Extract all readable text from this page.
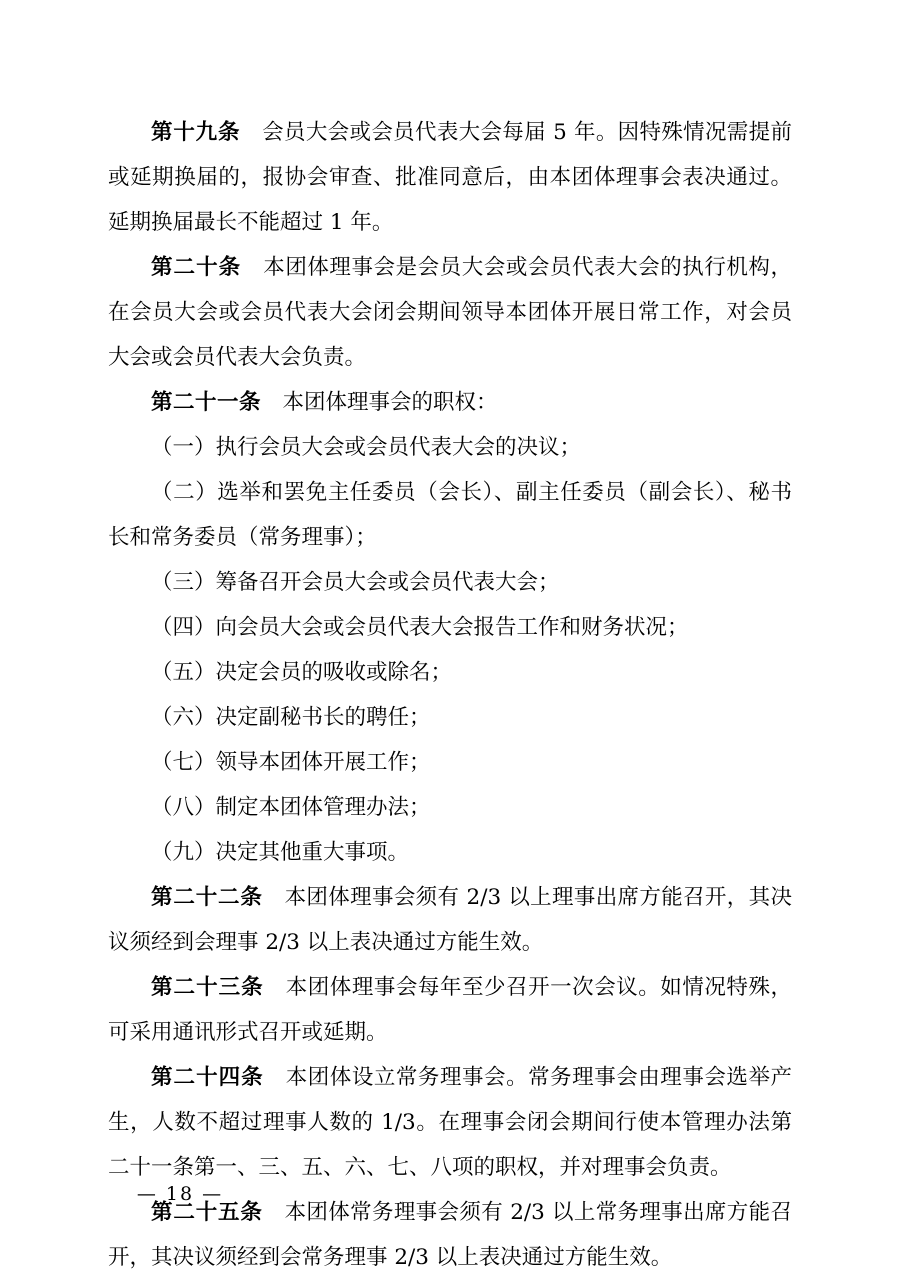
第十九条 会员大会或会员代表大会每届 5 年。因特殊情况需提前或延期换届的，报协会审查、批准同意后，由本团体理事会表决通过。延期换届最长不能超过 1 年。

第二十条 本团体理事会是会员大会或会员代表大会的执行机构，在会员大会或会员代表大会闭会期间领导本团体开展日常工作，对会员大会或会员代表大会负责。

第二十一条 本团体理事会的职权：

（一）执行会员大会或会员代表大会的决议；

（二）选举和罢免主任委员（会长）、副主任委员（副会长）、秘书长和常务委员（常务理事）；

（三）筹备召开会员大会或会员代表大会；

（四）向会员大会或会员代表大会报告工作和财务状况；

（五）决定会员的吸收或除名；

（六）决定副秘书长的聘任；

（七）领导本团体开展工作；

（八）制定本团体管理办法；

（九）决定其他重大事项。

第二十二条 本团体理事会须有 2/3 以上理事出席方能召开，其决议须经到会理事 2/3 以上表决通过方能生效。

第二十三条 本团体理事会每年至少召开一次会议。如情况特殊，可采用通讯形式召开或延期。

第二十四条 本团体设立常务理事会。常务理事会由理事会选举产生，人数不超过理事人数的 1/3。在理事会闭会期间行使本管理办法第二十一条第一、三、五、六、七、八项的职权，并对理事会负责。

第二十五条 本团体常务理事会须有 2/3 以上常务理事出席方能召开，其决议须经到会常务理事 2/3 以上表决通过方能生效。

— 18 —
